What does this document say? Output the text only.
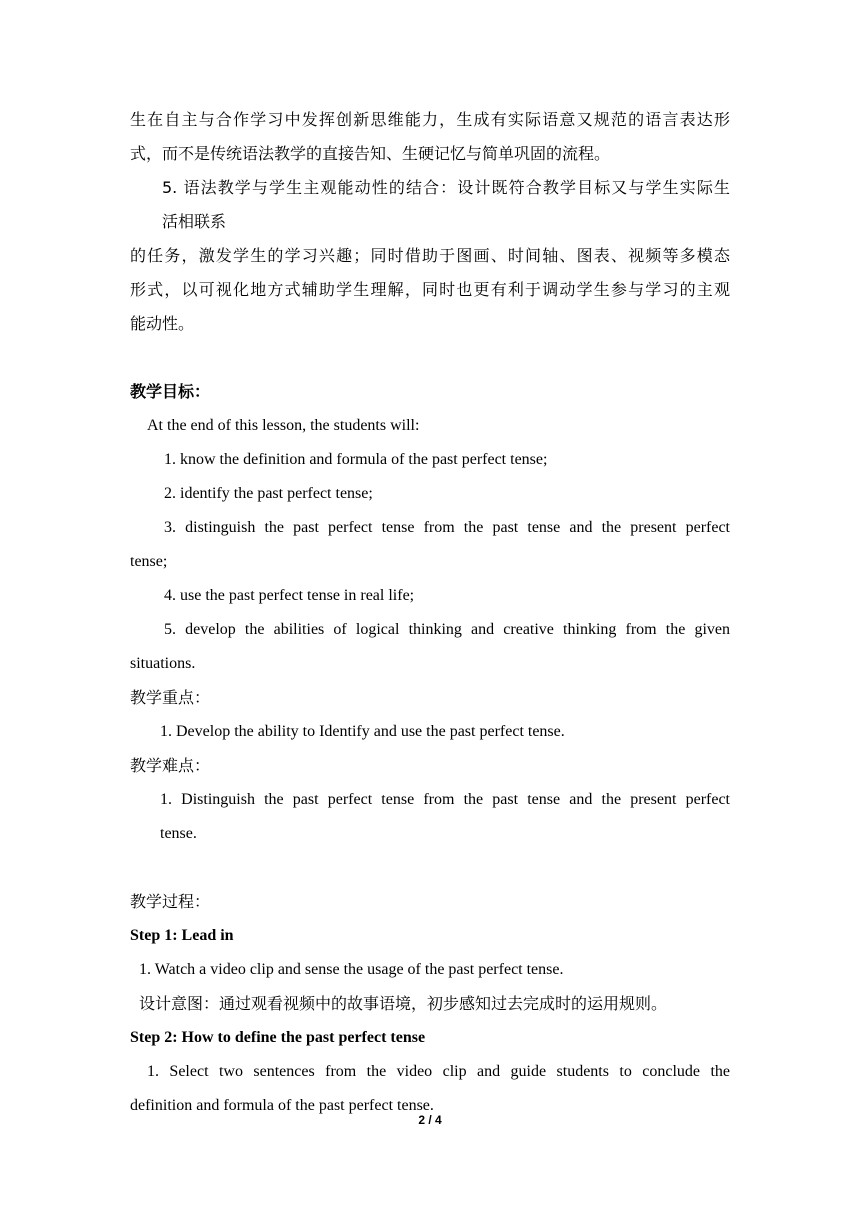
生在自主与合作学习中发挥创新思维能力，生成有实际语意又规范的语言表达形
式，而不是传统语法教学的直接告知、生硬记忆与简单巩固的流程。
5. 语法教学与学生主观能动性的结合：设计既符合教学目标又与学生实际生
活相联系
的任务，激发学生的学习兴趣；同时借助于图画、时间轴、图表、视频等多模态
形式，以可视化地方式辅助学生理解，同时也更有利于调动学生参与学习的主观
能动性。
教学目标：
At the end of this lesson, the students will:
1. know the definition and formula of the past perfect tense;
2. identify the past perfect tense;
3. distinguish the past perfect tense from the past tense and the present perfect
tense;
4. use the past perfect tense in real life;
5. develop the abilities of logical thinking and creative thinking from the given
situations.
教学重点：
1. Develop the ability to Identify and use the past perfect tense.
教学难点：
1. Distinguish the past perfect tense from the past tense and the present perfect
tense.
教学过程：
Step 1: Lead in
1. Watch a video clip and sense the usage of the past perfect tense.
设计意图：通过观看视频中的故事语境，初步感知过去完成时的运用规则。
Step 2: How to define the past perfect tense
1. Select two sentences from the video clip and guide students to conclude the
definition and formula of the past perfect tense.
2 / 4
